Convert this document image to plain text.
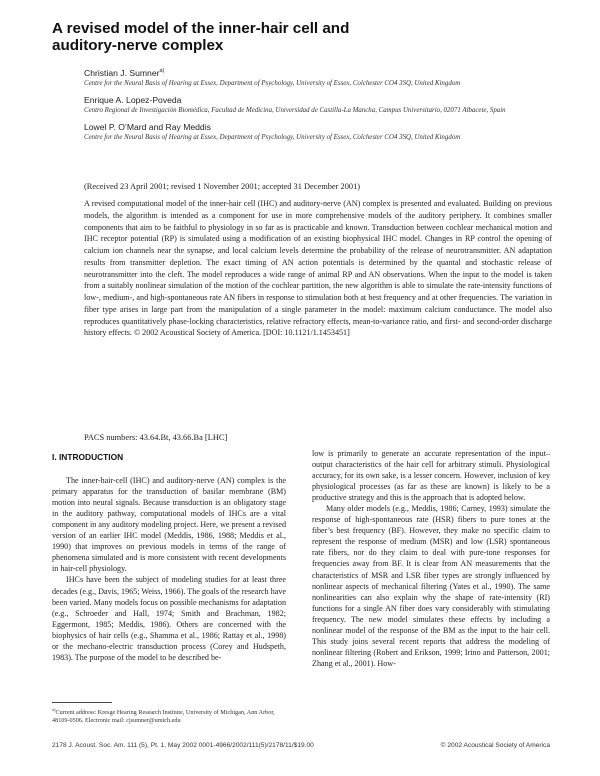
A revised model of the inner-hair cell and auditory-nerve complex
Christian J. Sumner$^{a)}$
Centre for the Neural Basis of Hearing at Essex, Department of Psychology, University of Essex, Colchester CO4 3SQ, United Kingdom
Enrique A. Lopez-Poveda
Centro Regional de Investigación Biomédica, Facultad de Medicina, Universidad de Castilla-La Mancha, Campus Universitario, 02071 Albacete, Spain
Lowel P. O’Mard and Ray Meddis
Centre for the Neural Basis of Hearing at Essex, Department of Psychology, University of Essex, Colchester CO4 3SQ, United Kingdom
(Received 23 April 2001; revised 1 November 2001; accepted 31 December 2001)
A revised computational model of the inner-hair cell (IHC) and auditory-nerve (AN) complex is presented and evaluated. Building on previous models, the algorithm is intended as a component for use in more comprehensive models of the auditory periphery. It combines smaller components that aim to be faithful to physiology in so far as is practicable and known. Transduction between cochlear mechanical motion and IHC receptor potential (RP) is simulated using a modification of an existing biophysical IHC model. Changes in RP control the opening of calcium ion channels near the synapse, and local calcium levels determine the probability of the release of neurotransmitter. AN adaptation results from transmitter depletion. The exact timing of AN action potentials is determined by the quantal and stochastic release of neurotransmitter into the cleft. The model reproduces a wide range of animal RP and AN observations. When the input to the model is taken from a suitably nonlinear simulation of the motion of the cochlear partition, the new algorithm is able to simulate the rate-intensity functions of low-, medium-, and high-spontaneous rate AN fibers in response to stimulation both at best frequency and at other frequencies. The variation in fiber type arises in large part from the manipulation of a single parameter in the model: maximum calcium conductance. The model also reproduces quantitatively phase-locking characteristics, relative refractory effects, mean-to-variance ratio, and first- and second-order discharge history effects. © 2002 Acoustical Society of America. [DOI: 10.1121/1.1453451]
PACS numbers: 43.64.Bt, 43.66.Ba [LHC]
I. INTRODUCTION

The inner-hair-cell (IHC) and auditory-nerve (AN) complex is the primary apparatus for the transduction of basilar membrane (BM) motion into neural signals. Because transduction is an obligatory stage in the auditory pathway, computational models of IHCs are a vital component in any auditory modeling project. Here, we present a revised version of an earlier IHC model (Meddis, 1986, 1988; Meddis et al., 1990) that improves on previous models in terms of the range of phenomena simulated and is more consistent with recent developments in hair-cell physiology.

IHCs have been the subject of modeling studies for at least three decades (e.g., Davis, 1965; Weiss, 1966). The goals of the research have been varied. Many models focus on possible mechanisms for adaptation (e.g., Schroeder and Hall, 1974; Smith and Brachman, 1982; Eggermont, 1985; Meddis, 1986). Others are concerned with the biophysics of hair cells (e.g., Shamma et al., 1986; Rattay et al., 1998) or the mechano-electric transduction process (Corey and Hudspeth, 1983). The purpose of the model to be described be-

low is primarily to generate an accurate representation of the input–output characteristics of the hair cell for arbitrary stimuli. Physiological accuracy, for its own sake, is a lesser concern. However, inclusion of key physiological processes (as far as these are known) is likely to be a productive strategy and this is the approach that is adopted below.

Many older models (e.g., Meddis, 1986; Carney, 1993) simulate the response of high-spontaneous rate (HSR) fibers to pure tones at the fiber’s best frequency (BF). However, they make no specific claim to represent the response of medium (MSR) and low (LSR) spontaneous rate fibers, nor do they claim to deal with pure-tone responses for frequencies away from BF. It is clear from AN measurements that the characteristics of MSR and LSR fiber types are strongly influenced by nonlinear aspects of mechanical filtering (Yates et al., 1990). The same nonlinearities can also explain why the shape of rate-intensity (RI) functions for a single AN fiber does vary considerably with stimulating frequency. The new model simulates these effects by including a nonlinear model of the response of the BM as the input to the hair cell. This study joins several recent reports that address the modeling of nonlinear filtering (Robert and Erikson, 1999; Irino and Patterson, 2001; Zhang et al., 2001). How-

$^{a)}$Current address: Kresge Hearing Research Institute, University of Michigan, Ann Arbor, 48109-0506. Electronic mail: cjsumner@umich.edu
2178 J. Acoust. Soc. Am. 111 (5), Pt. 1, May 2002 0001-4966/2002/111(5)/2178/11/$19.00	© 2002 Acoustical Society of America
